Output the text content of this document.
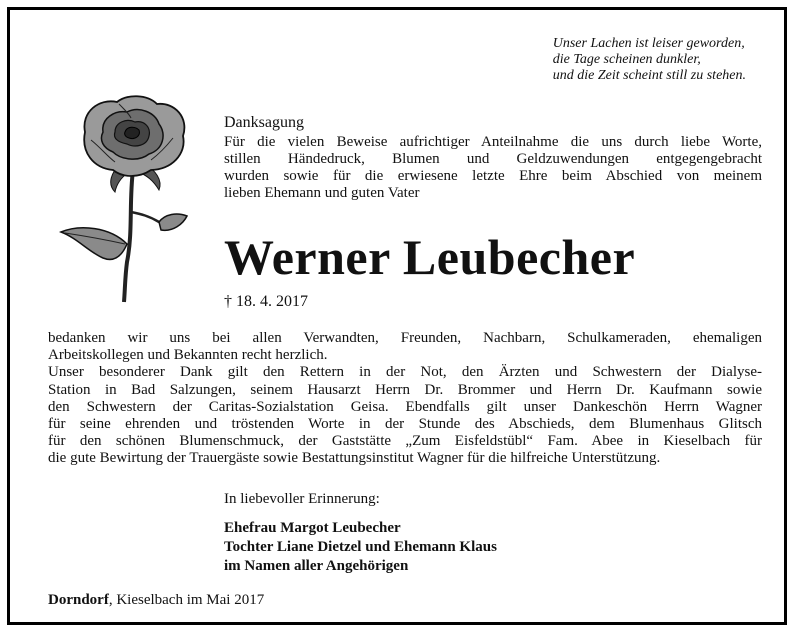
Unser Lachen ist leiser geworden,
die Tage scheinen dunkler,
und die Zeit scheint still zu stehen.
Danksagung
Für die vielen Beweise aufrichtiger Anteilnahme die uns durch liebe Worte,
stillen Händedruck, Blumen und Geldzuwendungen entgegengebracht
wurden sowie für die erwiesene letzte Ehre beim Abschied von meinem
lieben Ehemann und guten Vater
Werner Leubecher
† 18. 4. 2017
bedanken wir uns bei allen Verwandten, Freunden, Nachbarn, Schulkameraden, ehemaligen
Arbeitskollegen und Bekannten recht herzlich.
Unser besonderer Dank gilt den Rettern in der Not, den Ärzten und Schwestern der Dialyse-
Station in Bad Salzungen, seinem Hausarzt Herrn Dr. Brommer und Herrn Dr. Kaufmann sowie
den Schwestern der Caritas-Sozialstation Geisa. Ebendfalls gilt unser Dankeschön Herrn Wagner
für seine ehrenden und tröstenden Worte in der Stunde des Abschieds, dem Blumenhaus Glitsch
für den schönen Blumenschmuck, der Gaststätte „Zum Eisfeldstübl“ Fam. Abee in Kieselbach für
die gute Bewirtung der Trauergäste sowie Bestattungsinstitut Wagner für die hilfreiche Unterstützung.
In liebevoller Erinnerung:
Ehefrau Margot Leubecher
Tochter Liane Dietzel und Ehemann Klaus
im Namen aller Angehörigen
Dorndorf, Kieselbach im Mai 2017
